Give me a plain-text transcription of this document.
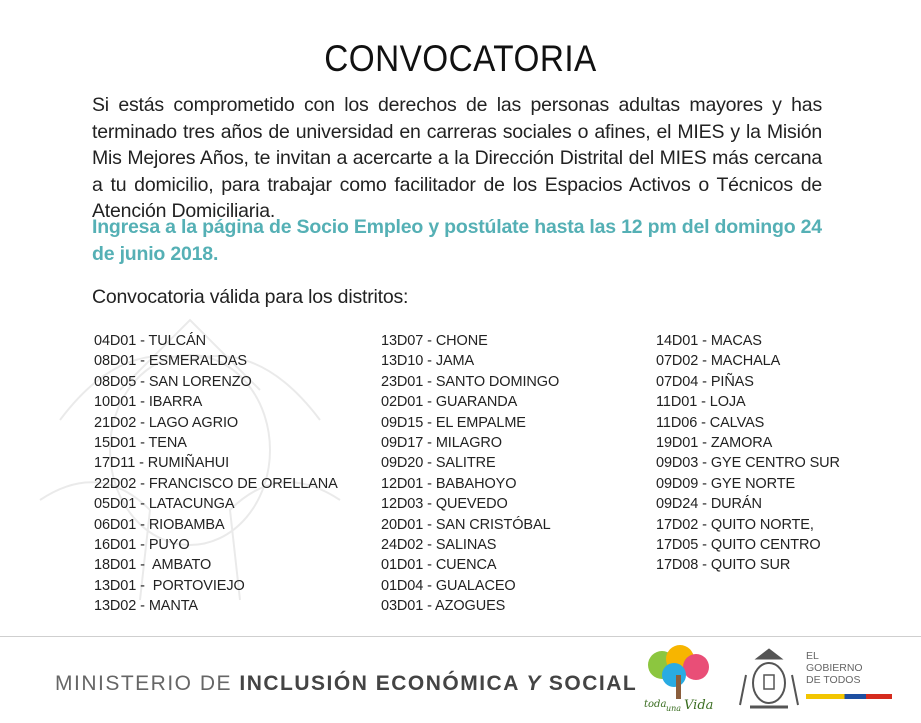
CONVOCATORIA
Si estás comprometido con los derechos de las personas adultas mayores y has terminado tres años de universidad en carreras sociales o afines, el MIES y la Misión Mis Mejores Años, te invitan a acercarte a la Dirección Distrital del MIES más cercana a tu domicilio, para trabajar como facilitador de los Espacios Activos o Técnicos de Atención Domiciliaria.
Ingresa a la página de Socio Empleo y postúlate hasta las 12 pm del domingo 24 de junio 2018.
Convocatoria válida para los distritos:
04D01 - TULCÁN
08D01 - ESMERALDAS
08D05 - SAN LORENZO
10D01 - IBARRA
21D02 - LAGO AGRIO
15D01 - TENA
17D11 - RUMIÑAHUI
22D02 - FRANCISCO DE ORELLANA
05D01 - LATACUNGA
06D01 - RIOBAMBA
16D01 - PUYO
18D01 -  AMBATO
13D01 -  PORTOVIEJO
13D02 - MANTA
13D07 - CHONE
13D10 - JAMA
23D01 - SANTO DOMINGO
02D01 - GUARANDA
09D15 - EL EMPALME
09D17 - MILAGRO
09D20 - SALITRE
12D01 - BABAHOYO
12D03 - QUEVEDO
20D01 - SAN CRISTÓBAL
24D02 - SALINAS
01D01 - CUENCA
01D04 - GUALACEO
03D01 - AZOGUES
14D01 - MACAS
07D02 - MACHALA
07D04 - PIÑAS
11D01 - LOJA
11D06 - CALVAS
19D01 - ZAMORA
09D03 - GYE CENTRO SUR
09D09 - GYE NORTE
09D24 - DURÁN
17D02 - QUITO NORTE,
17D05 - QUITO CENTRO
17D08 - QUITO SUR
MINISTERIO DE INCLUSIÓN ECONÓMICA Y SOCIAL
toda una Vida
EL
GOBIERNO
DE TODOS
